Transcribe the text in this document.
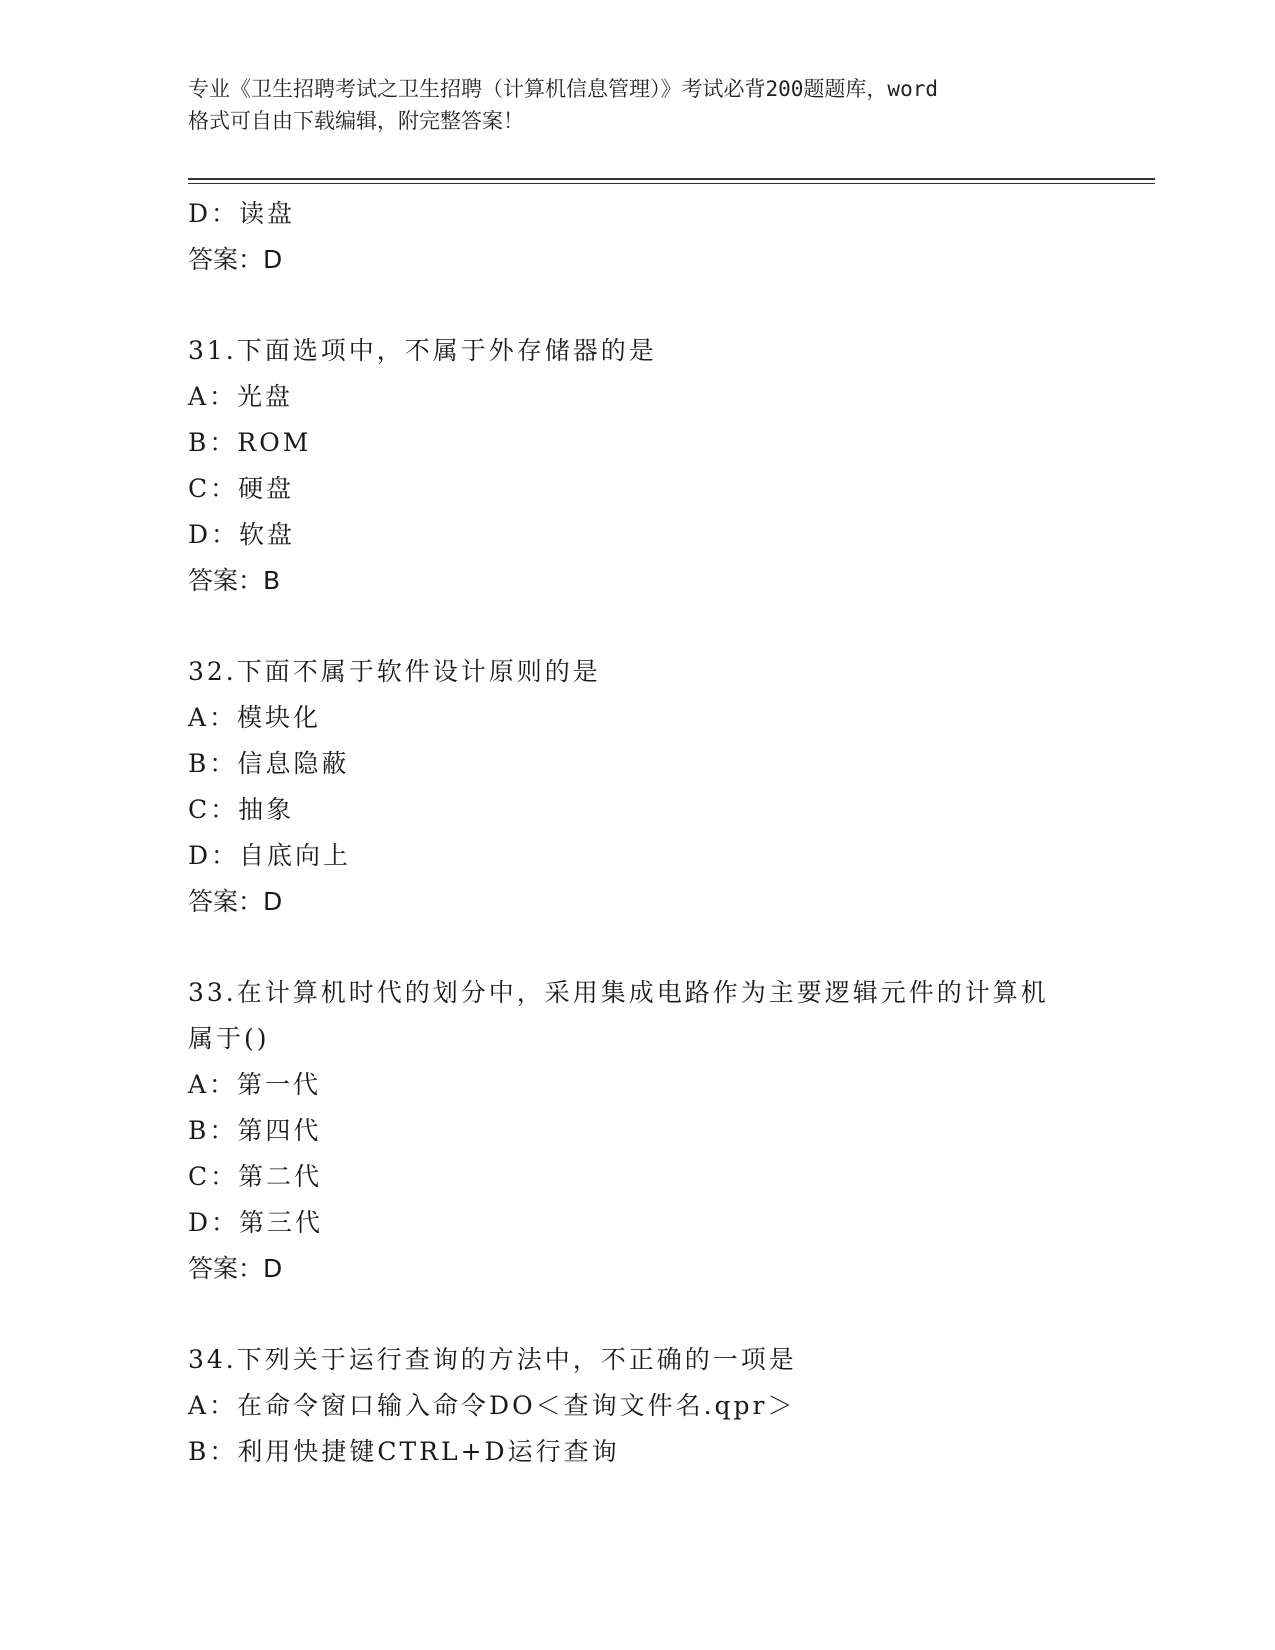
专业《卫生招聘考试之卫生招聘（计算机信息管理）》考试必背200题题库，word
格式可自由下载编辑，附完整答案！
D：读盘
答案：D
31.下面选项中，不属于外存储器的是
A：光盘
B：ROM
C：硬盘
D：软盘
答案：B
32.下面不属于软件设计原则的是
A：模块化
B：信息隐蔽
C：抽象
D：自底向上
答案：D
33.在计算机时代的划分中，采用集成电路作为主要逻辑元件的计算机
属于()
A：第一代
B：第四代
C：第二代
D：第三代
答案：D
34.下列关于运行查询的方法中，不正确的一项是
A：在命令窗口输入命令DO＜查询文件名.qpr＞
B：利用快捷键CTRL+D运行查询
